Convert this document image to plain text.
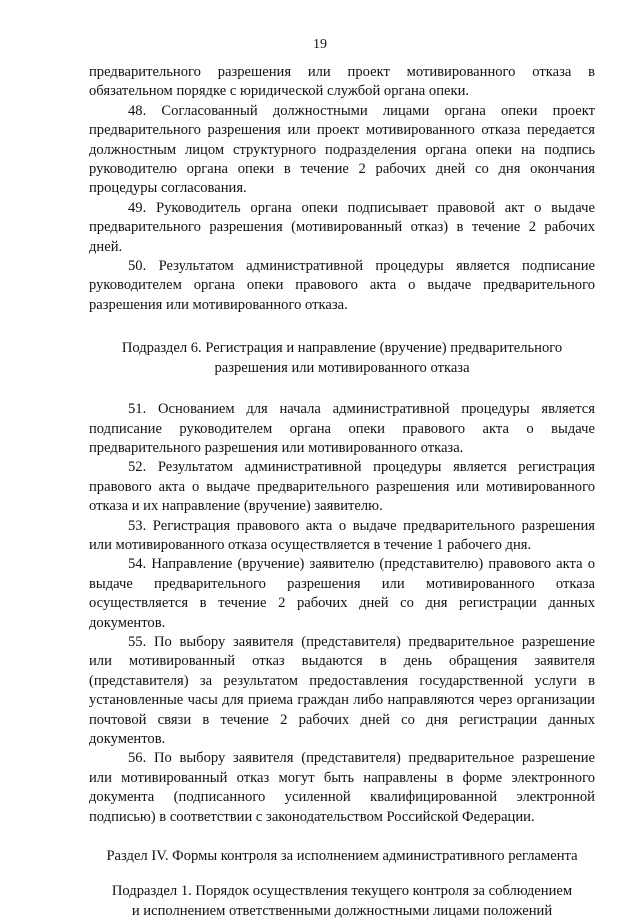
19

предварительного разрешения или проект мотивированного отказа в обязательном порядке с юридической службой органа опеки.

48. Согласованный должностными лицами органа опеки проект предварительного разрешения или проект мотивированного отказа передается должностным лицом структурного подразделения органа опеки на подпись руководителю органа опеки в течение 2 рабочих дней со дня окончания процедуры согласования.

49. Руководитель органа опеки подписывает правовой акт о выдаче предварительного разрешения (мотивированный отказ) в течение 2 рабочих дней.

50. Результатом административной процедуры является подписание руководителем органа опеки правового акта о выдаче предварительного разрешения или мотивированного отказа.

Подраздел 6. Регистрация и направление (вручение) предварительного

разрешения или мотивированного отказа

51. Основанием для начала административной процедуры является подписание руководителем органа опеки правового акта о выдаче предварительного разрешения или мотивированного отказа.

52. Результатом административной процедуры является регистрация правового акта о выдаче предварительного разрешения или мотивированного отказа и их направление (вручение) заявителю.

53. Регистрация правового акта о выдаче предварительного разрешения или мотивированного отказа осуществляется в течение 1 рабочего дня.

54. Направление (вручение) заявителю (представителю) правового акта о выдаче предварительного разрешения или мотивированного отказа осуществляется в течение 2 рабочих дней со дня регистрации данных документов.

55. По выбору заявителя (представителя) предварительное разрешение или мотивированный отказ выдаются в день обращения заявителя (представителя) за результатом предоставления государственной услуги в установленные часы для приема граждан либо направляются через организации почтовой связи в течение 2 рабочих дней со дня регистрации данных документов.

56. По выбору заявителя (представителя) предварительное разрешение или мотивированный отказ могут быть направлены в форме электронного документа (подписанного усиленной квалифицированной электронной подписью) в соответствии с законодательством Российской Федерации.

Раздел IV. Формы контроля за исполнением административного регламента

Подраздел 1. Порядок осуществления текущего контроля за соблюдением

и исполнением ответственными должностными лицами положений
